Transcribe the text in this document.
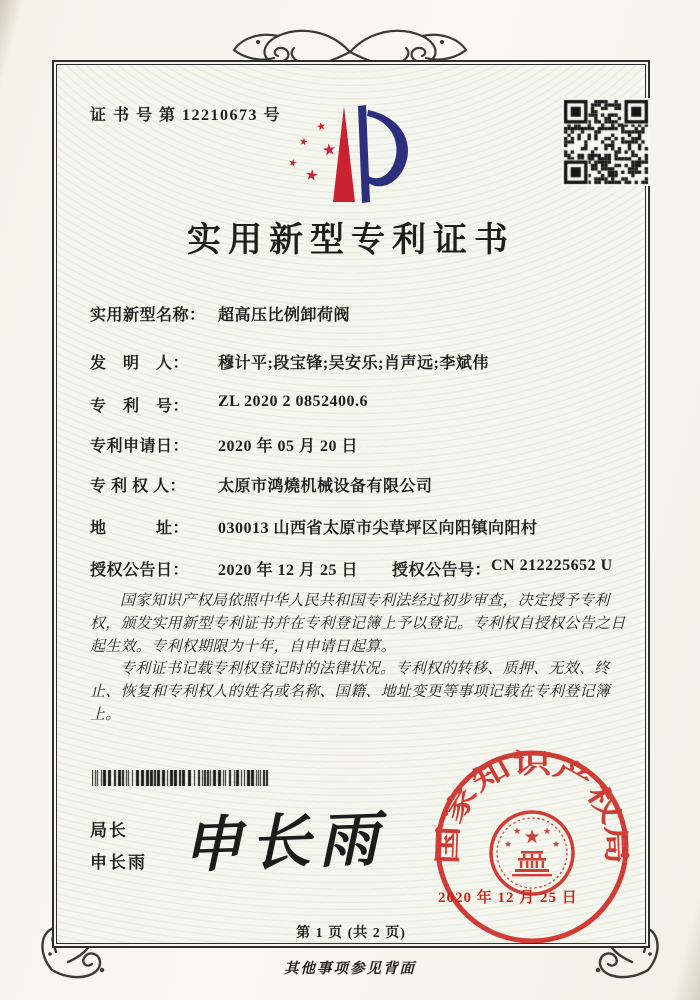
证 书 号 第 12210673 号
★
★ ★
★
★
实用新型专利证书
实用新型名称： 超高压比例卸荷阀
发　明　人：	穆计平;段宝锋;吴安乐;肖声远;李斌伟
专　利　号：	ZL 2020 2 0852400.6
专利申请日：	2020 年 05 月 20 日
专 利 权 人：	太原市鸿燒机械设备有限公司
地　　　址：	030013 山西省太原市尖草坪区向阳镇向阳村
授权公告日：	2020 年 12 月 25 日 授权公告号： CN 212225652 U

国家知识产权局依照中华人民共和国专利法经过初步审查，决定授予专利权，颁发实用新型专利证书并在专利登记簿上予以登记。专利权自授权公告之日起生效。专利权期限为十年，自申请日起算。

专利证书记载专利权登记时的法律状况。专利权的转移、质押、无效、终止、恢复和专利权人的姓名或名称、国籍、地址变更等事项记载在专利登记簿上。

局长
申长雨 申长雨	国家知识产权局
★
★ ★
★	★
2020 年 12 月 25 日
第 1 页 (共 2 页)
其他事项参见背面
